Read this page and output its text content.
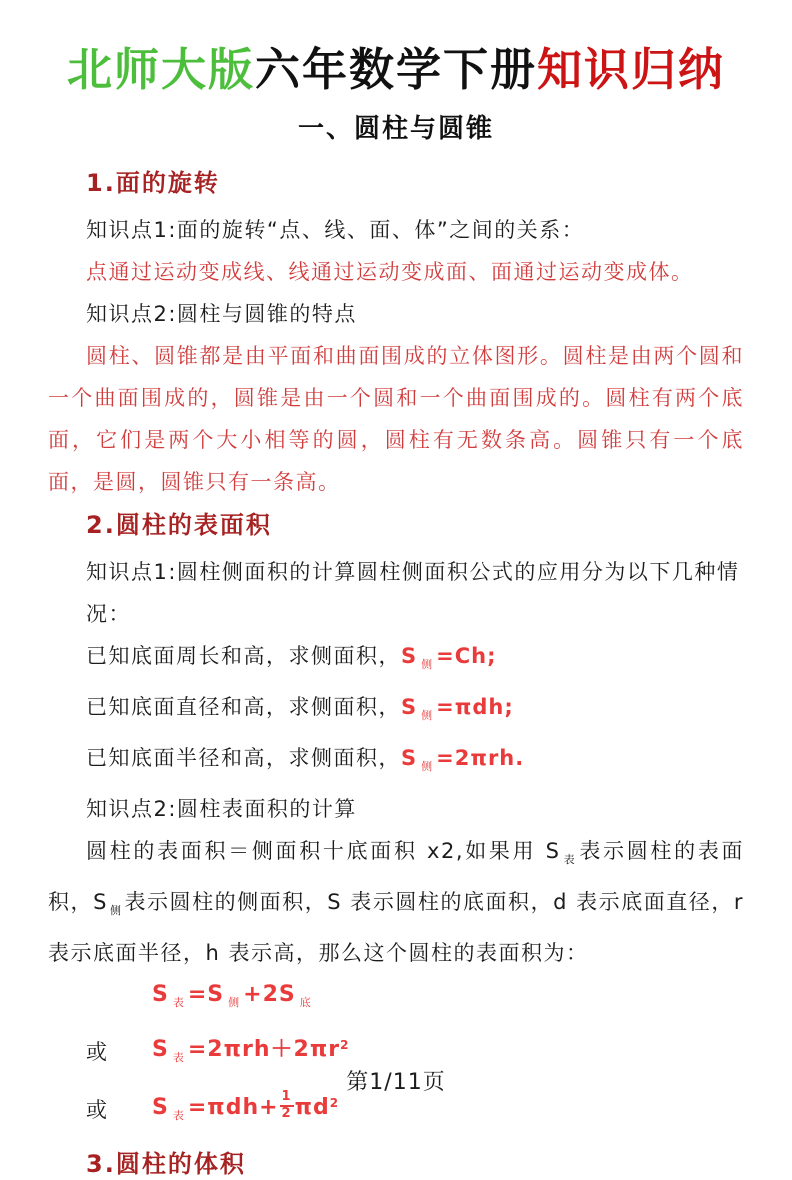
北师大版六年数学下册知识归纳
一、圆柱与圆锥
1.面的旋转

知识点1:面的旋转“点、线、面、体”之间的关系：

点通过运动变成线、线通过运动变成面、面通过运动变成体。

知识点2:圆柱与圆锥的特点

圆柱、圆锥都是由平面和曲面围成的立体图形。圆柱是由两个圆和一个曲面围成的，圆锥是由一个圆和一个曲面围成的。圆柱有两个底面，它们是两个大小相等的圆，圆柱有无数条高。圆锥只有一个底面，是圆，圆锥只有一条高。

2.圆柱的表面积

知识点1:圆柱侧面积的计算圆柱侧面积公式的应用分为以下几种情况：

已知底面周长和高，求侧面积，S $_侧$ =Ch;

已知底面直径和高，求侧面积，S $_侧$ =πdh;

已知底面半径和高，求侧面积，S $_侧$ =2πrh.

知识点2:圆柱表面积的计算

圆柱的表面积＝侧面积十底面积 x2,如果用 S $_表$表示圆柱的表面积，S $_侧$表示圆柱的侧面积，S 表示圆柱的底面积，d 表示底面直径，r 表示底面半径，h 表示高，那么这个圆柱的表面积为：

S $_表$ =S $_侧$ +2S $_底$
或	S $_表 =2\pi rh+2\pi r^2$
或	S $_表 =\pi dh+ \frac{1}{2} \pi d^2$
3.圆柱的体积
第1/11页
